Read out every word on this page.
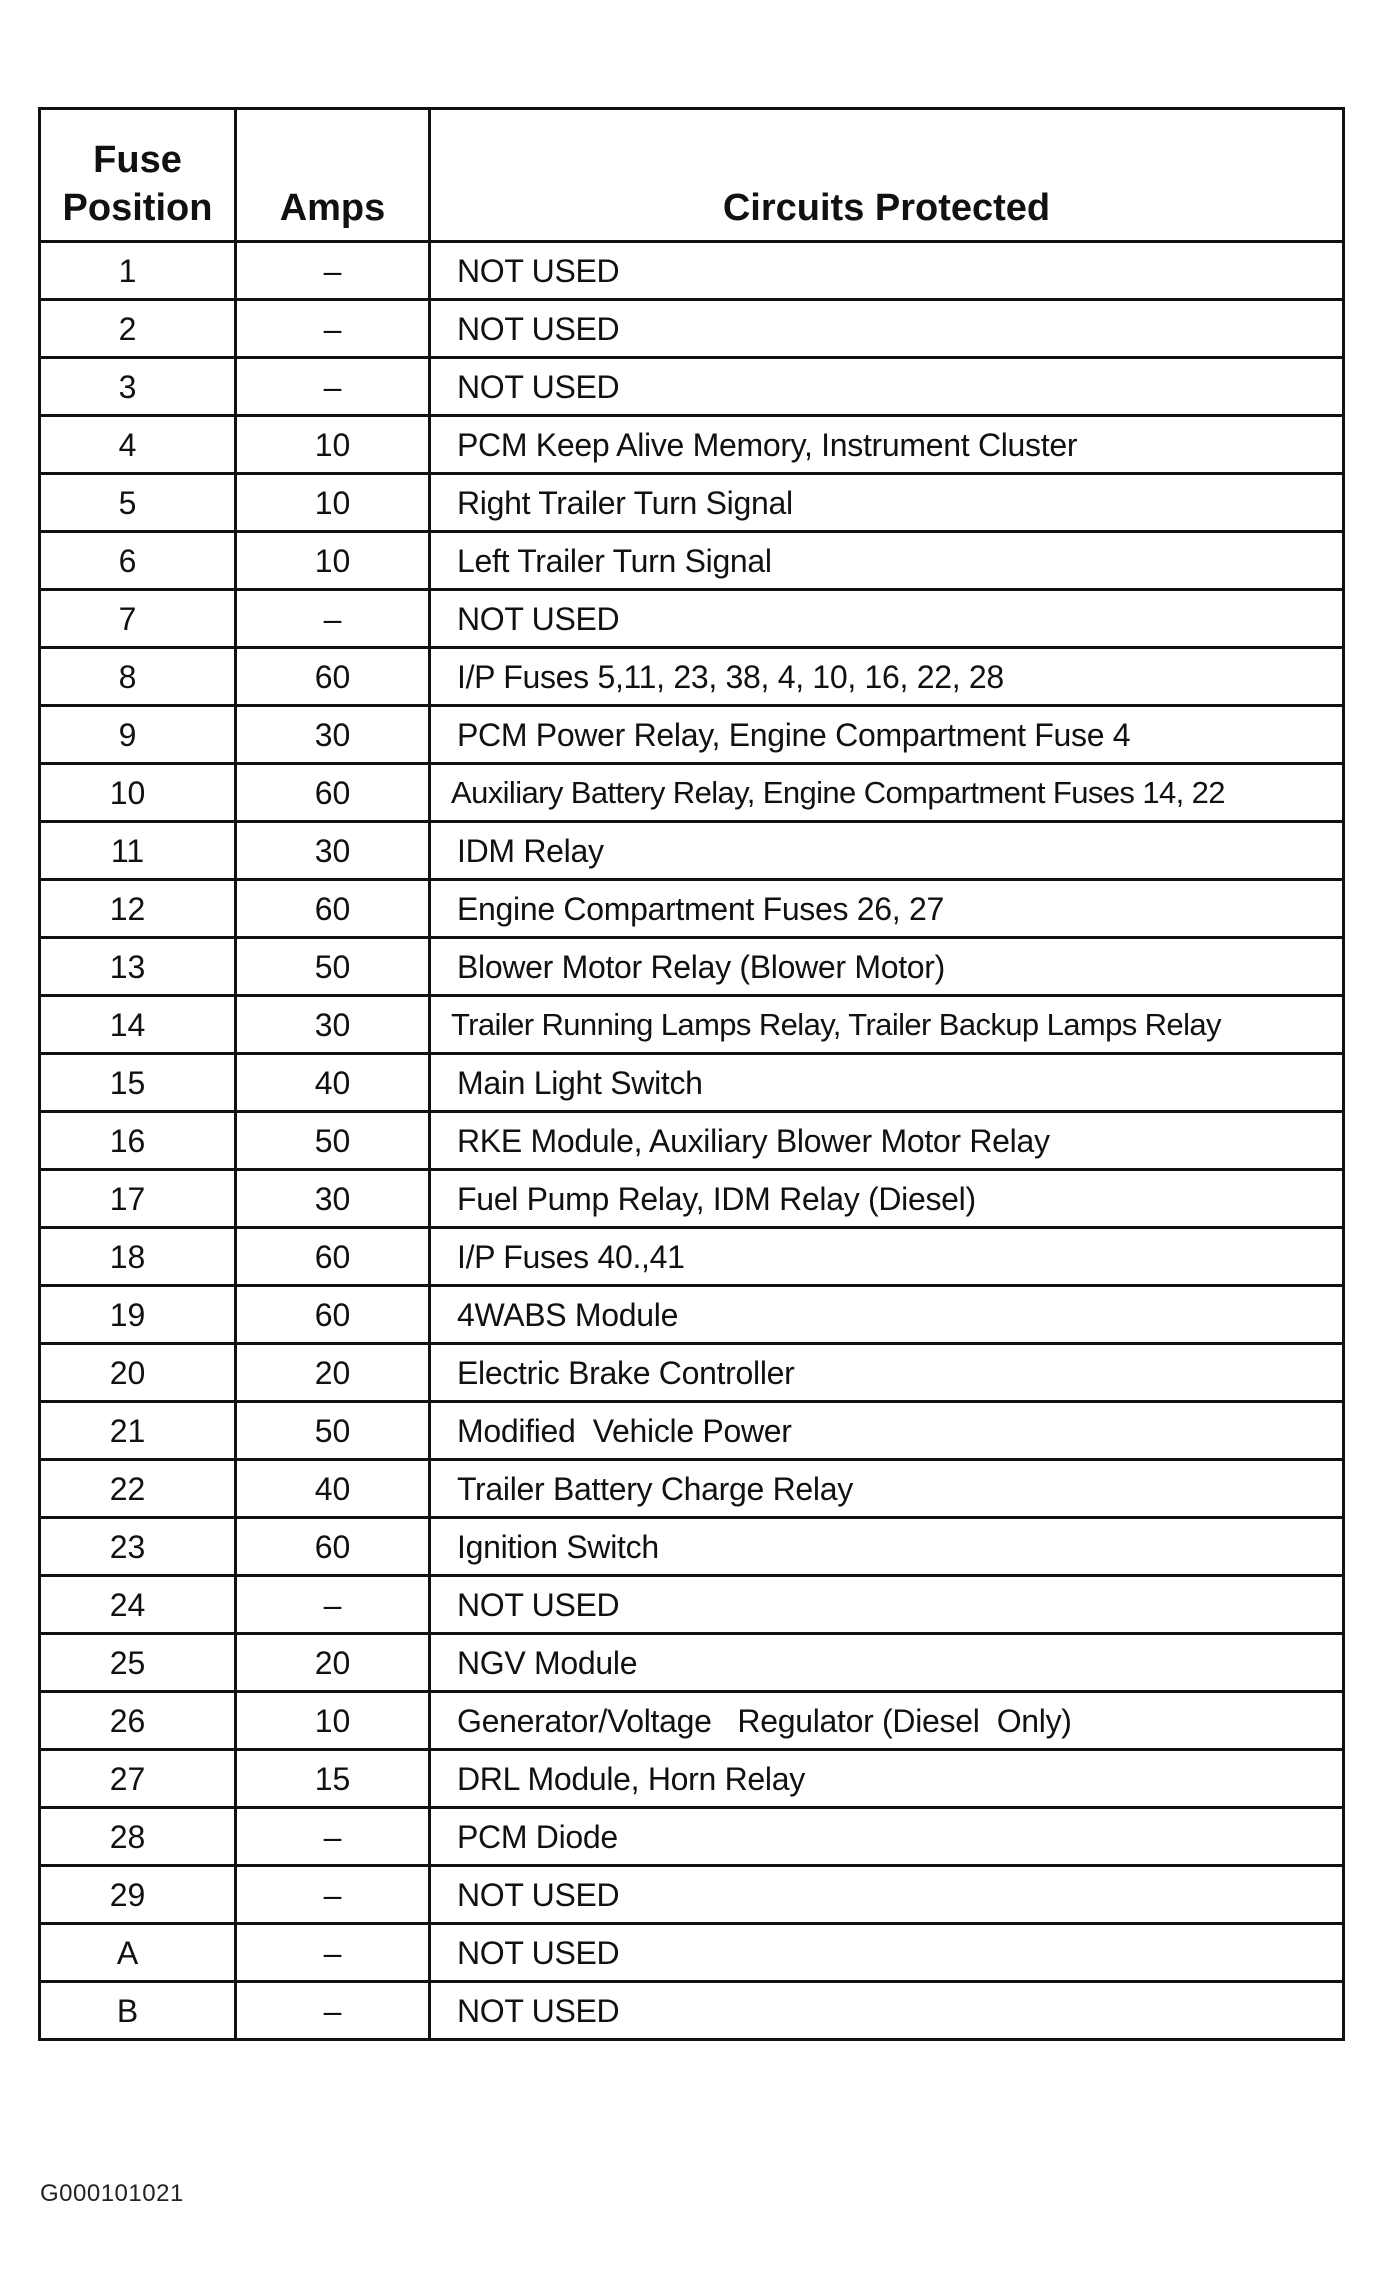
Fuse
Position	Amps	Circuits Protected
1	–	NOT USED
2	–	NOT USED
3	–	NOT USED
4	10	PCM Keep Alive Memory, Instrument Cluster
5	10	Right Trailer Turn Signal
6	10	Left Trailer Turn Signal
7	–	NOT USED
8	60	I/P Fuses 5,11, 23, 38, 4, 10, 16, 22, 28
9	30	PCM Power Relay, Engine Compartment Fuse 4
10	60	Auxiliary Battery Relay, Engine Compartment Fuses 14, 22
11	30	IDM Relay
12	60	Engine Compartment Fuses 26, 27
13	50	Blower Motor Relay (Blower Motor)
14	30	Trailer Running Lamps Relay, Trailer Backup Lamps Relay
15	40	Main Light Switch
16	50	RKE Module, Auxiliary Blower Motor Relay
17	30	Fuel Pump Relay, IDM Relay (Diesel)
18	60	I/P Fuses 40.,41
19	60	4WABS Module
20	20	Electric Brake Controller
21	50	Modified  Vehicle Power
22	40	Trailer Battery Charge Relay
23	60	Ignition Switch
24	–	NOT USED
25	20	NGV Module
26	10	Generator/Voltage   Regulator (Diesel  Only)
27	15	DRL Module, Horn Relay
28	–	PCM Diode
29	–	NOT USED
A	–	NOT USED
B	–	NOT USED
G000101021
